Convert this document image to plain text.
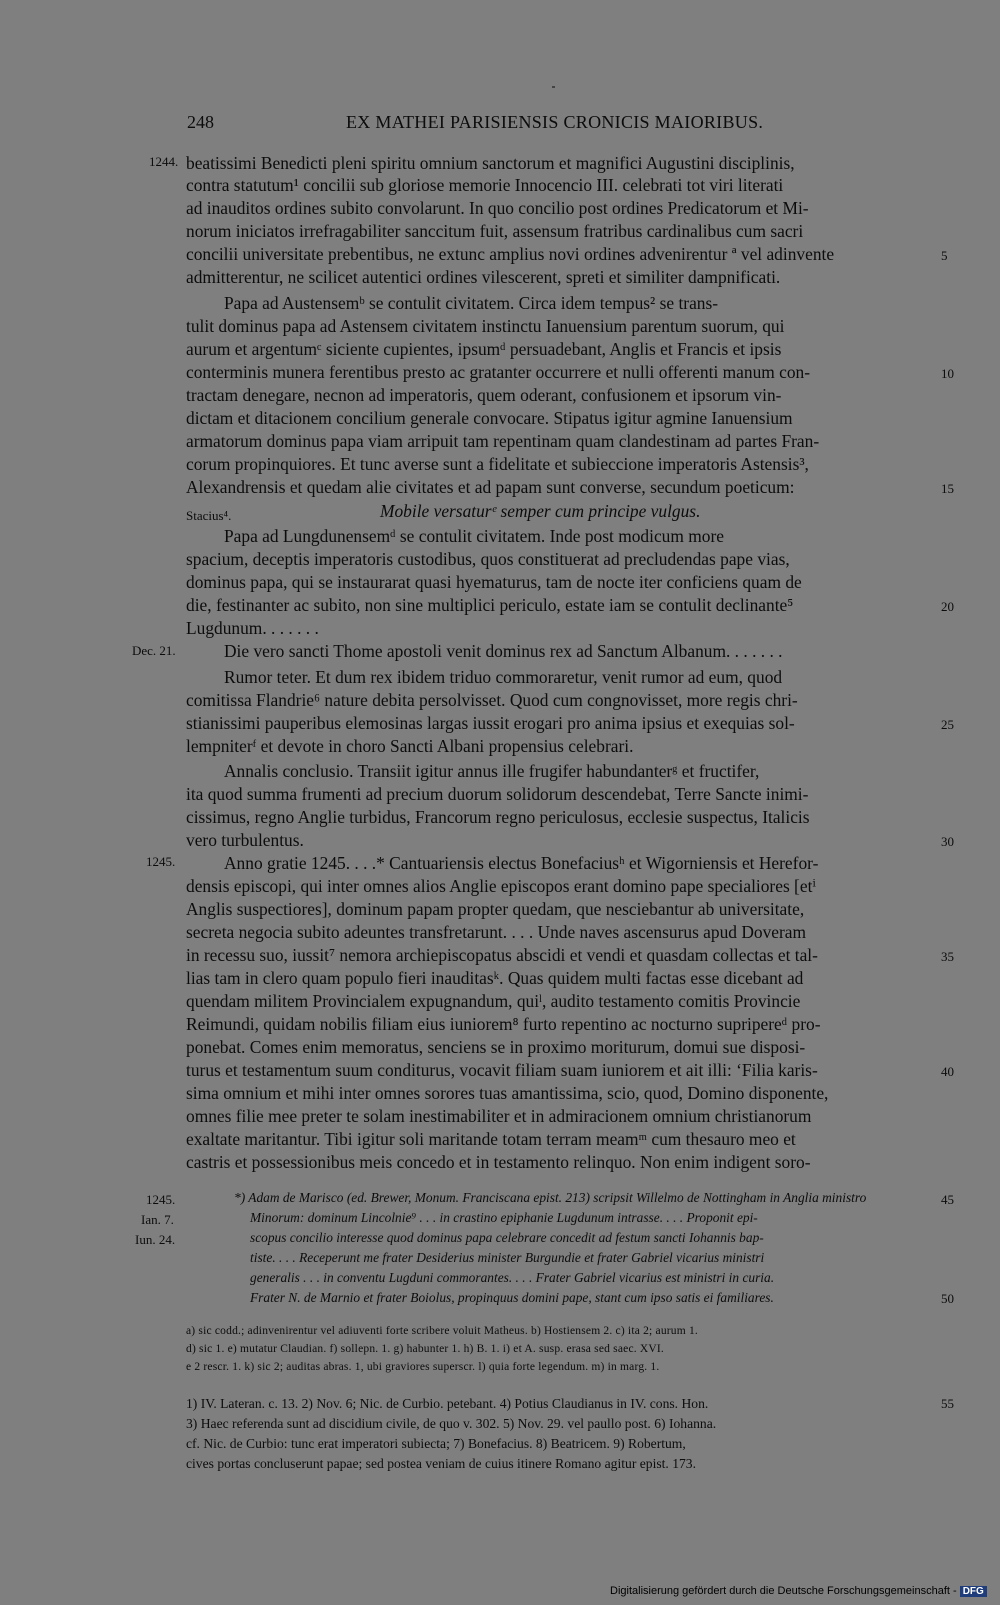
248	EX MATHEI PARISIENSIS CRONICIS MAIORIBUS.
1244.
Dec. 21.
1245.
Stacius⁴.
beatissimi Benedicti pleni spiritu omnium sanctorum et magnifici Augustini disciplinis,
contra statutum¹ concilii sub gloriose memorie Innocencio III. celebrati tot viri literati
ad inauditos ordines subito convolarunt. In quo concilio post ordines Predicatorum et Mi-
norum iniciatos irrefragabiliter sanccitum fuit, assensum fratribus cardinalibus cum sacri
concilii universitate prebentibus, ne extunc amplius novi ordines advenirentur ª vel adinvente
admitterentur, ne scilicet autentici ordines vilescerent, spreti et similiter dampnificati.
Papa ad Austensemᵇ se contulit civitatem. Circa idem tempus² se trans-
tulit dominus papa ad Astensem civitatem instinctu Ianuensium parentum suorum, qui
aurum et argentumᶜ siciente cupientes, ipsumᵈ persuadebant, Anglis et Francis et ipsis
conterminis munera ferentibus presto ac gratanter occurrere et nulli offerenti manum con-
tractam denegare, necnon ad imperatoris, quem oderant, confusionem et ipsorum vin-
dictam et ditacionem concilium generale convocare. Stipatus igitur agmine Ianuensium
armatorum dominus papa viam arripuit tam repentinam quam clandestinam ad partes Fran-
corum propinquiores. Et tunc averse sunt a fidelitate et subieccione imperatoris Astensis³,
Alexandrensis et quedam alie civitates et ad papam sunt converse, secundum poeticum:
Mobile versaturᵉ semper cum principe vulgus.
Papa ad Lungdunensemᵈ se contulit civitatem. Inde post modicum more
spacium, deceptis imperatoris custodibus, quos constituerat ad precludendas pape vias,
dominus papa, qui se instaurarat quasi hyematurus, tam de nocte iter conficiens quam de
die, festinanter ac subito, non sine multiplici periculo, estate iam se contulit declinante⁵
Lugdunum. . . . . . .
Die vero sancti Thome apostoli venit dominus rex ad Sanctum Albanum. . . . . . .
Rumor teter. Et dum rex ibidem triduo commoraretur, venit rumor ad eum, quod
comitissa Flandrie⁶ nature debita persolvisset. Quod cum congnovisset, more regis chri-
stianissimi pauperibus elemosinas largas iussit erogari pro anima ipsius et exequias sol-
lempniterᶠ et devote in choro Sancti Albani propensius celebrari.
Annalis conclusio. Transiit igitur annus ille frugifer habundanterᵍ et fructifer,
ita quod summa frumenti ad precium duorum solidorum descendebat, Terre Sancte inimi-
cissimus, regno Anglie turbidus, Francorum regno periculosus, ecclesie suspectus, Italicis
vero turbulentus.
Anno gratie 1245. . . .* Cantuariensis electus Bonefaciusʰ et Wigorniensis et Herefor-
densis episcopi, qui inter omnes alios Anglie episcopos erant domino pape specialiores [etⁱ
Anglis suspectiores], dominum papam propter quedam, que nesciebantur ab universitate,
secreta negocia subito adeuntes transfretarunt. . . . Unde naves ascensurus apud Doveram
in recessu suo, iussit⁷ nemora archiepiscopatus abscidi et vendi et quasdam collectas et tal-
lias tam in clero quam populo fieri inauditasᵏ. Quas quidem multi factas esse dicebant ad
quendam militem Provincialem expugnandum, quiˡ, audito testamento comitis Provincie
Reimundi, quidam nobilis filiam eius iuniorem⁸ furto repentino ac nocturno supripereᵈ pro-
ponebat. Comes enim memoratus, senciens se in proximo moriturum, domui sue disposi-
turus et testamentum suum conditurus, vocavit filiam suam iuniorem et ait illi: ‘Filia karis-
sima omnium et mihi inter omnes sorores tuas amantissima, scio, quod, Domino disponente,
omnes filie mee preter te solam inestimabiliter et in admiracionem omnium christianorum
exaltate maritantur. Tibi igitur soli maritande totam terram meamᵐ cum thesauro meo et
castris et possessionibus meis concedo et in testamento relinquo. Non enim indigent soro-
5
10
15
20
25
30
35
40
45
50
55
1245.
Ian. 7.
Iun. 24.
*) Adam de Marisco (ed. Brewer, Monum. Franciscana epist. 213) scripsit Willelmo de Nottingham in Anglia ministro
Minorum: dominum Lincolnie⁹ . . . in crastino epiphanie Lugdunum intrasse. . . . Proponit epi-
scopus concilio interesse quod dominus papa celebrare concedit ad festum sancti Iohannis bap-
tiste. . . . Receperunt me frater Desiderius minister Burgundie et frater Gabriel vicarius ministri
generalis . . . in conventu Lugduni commorantes. . . . Frater Gabriel vicarius est ministri in curia.
Frater N. de Marnio et frater Boiolus, propinquus domini pape, stant cum ipso satis ei familiares.
a) sic codd.; adinvenirentur vel adiuventi forte scribere voluit Matheus. b) Hostiensem 2. c) ita 2; aurum 1.
d) sic 1. e) mutatur Claudian. f) sollepn. 1. g) habunter 1. h) B. 1. i) et A. susp. erasa sed saec. XVI.
e 2 rescr. 1. k) sic 2; auditas abras. 1, ubi graviores superscr. l) quia forte legendum. m) in marg. 1.
1) IV. Lateran. c. 13. 2) Nov. 6; Nic. de Curbio. petebant. 4) Potius Claudianus in IV. cons. Hon.
3) Haec referenda sunt ad discidium civile, de quo v. 302. 5) Nov. 29. vel paullo post. 6) Iohanna.
cf. Nic. de Curbio: tunc erat imperatori subiecta; 7) Bonefacius. 8) Beatricem. 9) Robertum,
cives portas concluserunt papae; sed postea veniam de cuius itinere Romano agitur epist. 173.
Digitalisierung gefördert durch die Deutsche Forschungsgemeinschaft - DFG
